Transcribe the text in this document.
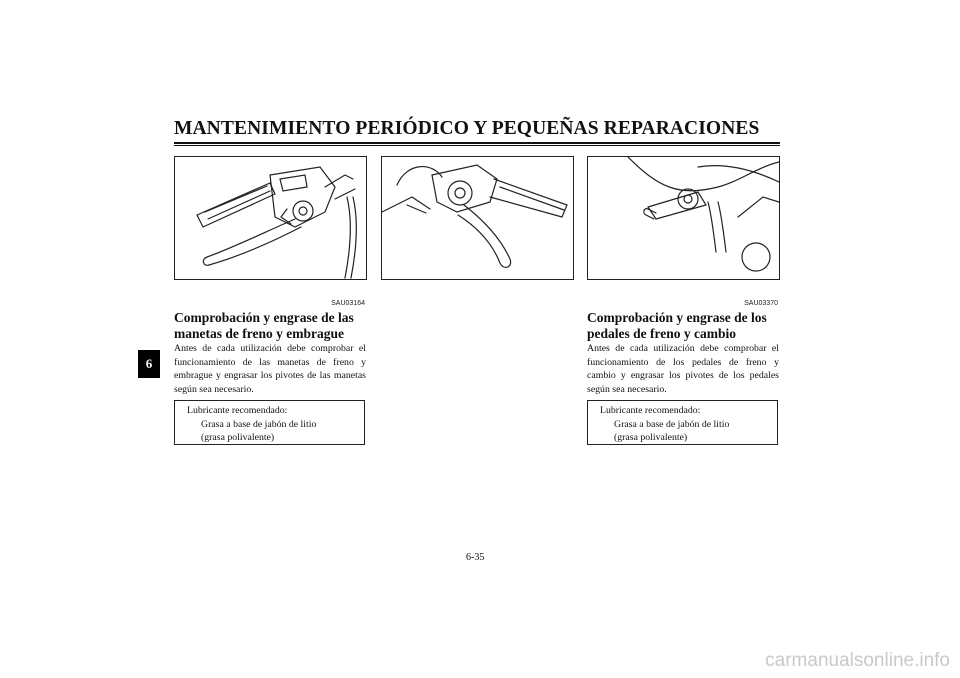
MANTENIMIENTO PERIÓDICO Y PEQUEÑAS REPARACIONES
6
SAU03164
Comprobación y engrase de las
manetas de freno y embrague
Antes de cada utilización debe comprobar el funcionamiento de las manetas de freno y embrague y engrasar los pivotes de las manetas según sea necesario.
Lubricante recomendado:
Grasa a base de jabón de litio
(grasa polivalente)
SAU03370
Comprobación y engrase de los
pedales de freno y cambio
Antes de cada utilización debe comprobar el funcionamiento de los pedales de freno y cambio y engrasar los pivotes de los pedales según sea necesario.
Lubricante recomendado:
Grasa a base de jabón de litio
(grasa polivalente)
6-35
carmanualsonline.info
